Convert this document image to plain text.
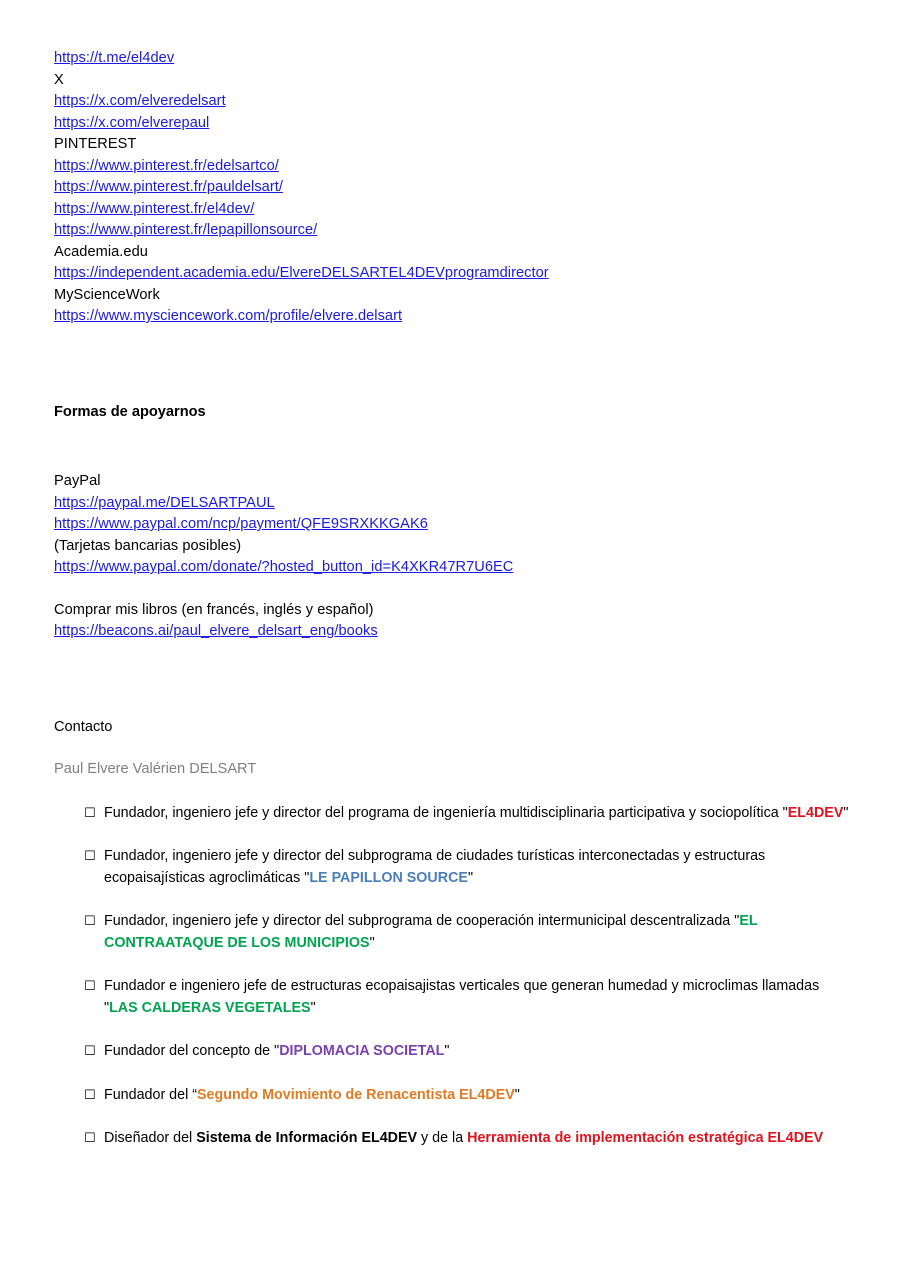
https://t.me/el4dev
X
https://x.com/elveredelsart
https://x.com/elverepaul
PINTEREST
https://www.pinterest.fr/edelsartco/
https://www.pinterest.fr/pauldelsart/
https://www.pinterest.fr/el4dev/
https://www.pinterest.fr/lepapillonsource/
Academia.edu
https://independent.academia.edu/ElvereDELSARTEL4DEVprogramdirector
MyScienceWork
https://www.mysciencework.com/profile/elvere.delsart
Formas de apoyarnos
PayPal
https://paypal.me/DELSARTPAUL
https://www.paypal.com/ncp/payment/QFE9SRXKKGAK6
(Tarjetas bancarias posibles)
https://www.paypal.com/donate/?hosted_button_id=K4XKR47R7U6EC
Comprar mis libros (en francés, inglés y español)
https://beacons.ai/paul_elvere_delsart_eng/books
Contacto
Paul Elvere Valérien DELSART
☐ Fundador, ingeniero jefe y director del programa de ingeniería multidisciplinaria participativa y sociopolítica "EL4DEV"
☐ Fundador, ingeniero jefe y director del subprograma de ciudades turísticas interconectadas y estructuras ecopaisajísticas agroclimáticas "LE PAPILLON SOURCE"
☐ Fundador, ingeniero jefe y director del subprograma de cooperación intermunicipal descentralizada "EL CONTRAATAQUE DE LOS MUNICIPIOS"
☐ Fundador e ingeniero jefe de estructuras ecopaisajistas verticales que generan humedad y microclimas llamadas "LAS CALDERAS VEGETALES"
☐ Fundador del concepto de "DIPLOMACIA SOCIETAL"
☐ Fundador del “Segundo Movimiento de Renacentista EL4DEV"
☐ Diseñador del Sistema de Información EL4DEV y de la Herramienta de implementación estratégica EL4DEV
